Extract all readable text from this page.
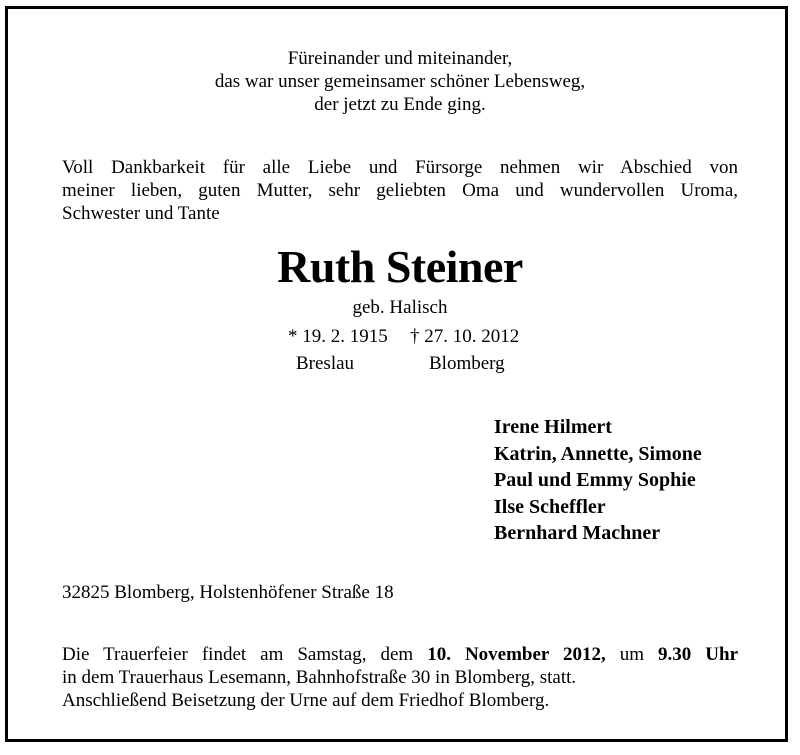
Füreinander und miteinander,
das war unser gemeinsamer schöner Lebensweg,
der jetzt zu Ende ging.
Voll Dankbarkeit für alle Liebe und Fürsorge nehmen wir Abschied von
meiner lieben, guten Mutter, sehr geliebten Oma und wundervollen Uroma,
Schwester und Tante
Ruth Steiner
geb. Halisch
* 19. 2. 1915 † 27. 10. 2012
Breslau	Blomberg
Irene Hilmert
Katrin, Annette, Simone
Paul und Emmy Sophie
Ilse Scheffler
Bernhard Machner
32825 Blomberg, Holstenhöfener Straße 18
Die Trauerfeier findet am Samstag, dem 10. November 2012, um 9.30 Uhr
in dem Trauerhaus Lesemann, Bahnhofstraße 30 in Blomberg, statt.
Anschließend Beisetzung der Urne auf dem Friedhof Blomberg.
